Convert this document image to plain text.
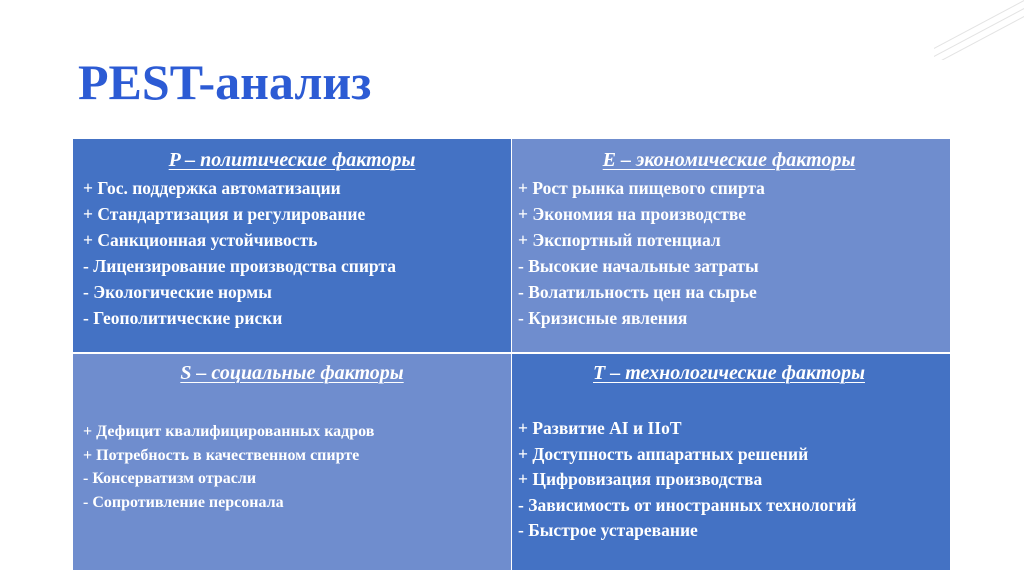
PEST-анализ
P – политические факторы
+ Гос. поддержка автоматизации
+ Стандартизация и регулирование
+ Санкционная устойчивость
- Лицензирование производства спирта
- Экологические нормы
- Геополитические риски
E – экономические факторы
+ Рост рынка пищевого спирта
+ Экономия на производстве
+ Экспортный потенциал
- Высокие начальные затраты
- Волатильность цен на сырье
- Кризисные явления
S – социальные факторы
+ Дефицит квалифицированных кадров
+ Потребность в качественном спирте
- Консерватизм отрасли
- Сопротивление персонала
T – технологические факторы
+ Развитие AI и IIoT
+ Доступность аппаратных решений
+ Цифровизация производства
- Зависимость от иностранных технологий
- Быстрое устаревание
